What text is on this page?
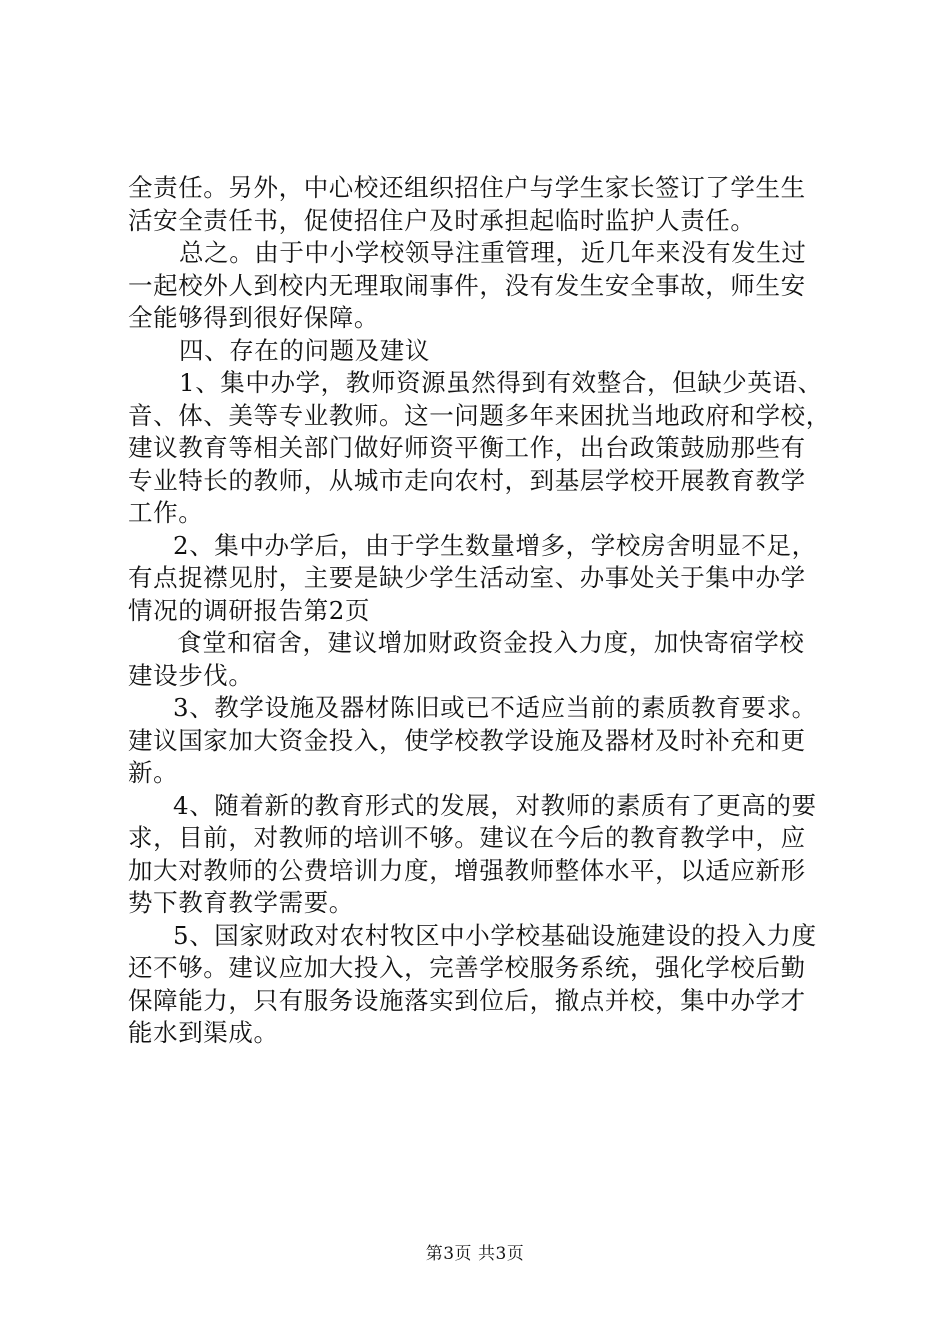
全责任。另外，中心校还组织招住户与学生家长签订了学生生
活安全责任书，促使招住户及时承担起临时监护人责任。
总之。由于中小学校领导注重管理，近几年来没有发生过
一起校外人到校内无理取闹事件，没有发生安全事故，师生安
全能够得到很好保障。
四、存在的问题及建议
1、集中办学，教师资源虽然得到有效整合，但缺少英语、
音、体、美等专业教师。这一问题多年来困扰当地政府和学校，
建议教育等相关部门做好师资平衡工作，出台政策鼓励那些有
专业特长的教师，从城市走向农村，到基层学校开展教育教学
工作。
2、集中办学后，由于学生数量增多，学校房舍明显不足，
有点捉襟见肘，主要是缺少学生活动室、办事处关于集中办学
情况的调研报告第2页
食堂和宿舍，建议增加财政资金投入力度，加快寄宿学校
建设步伐。
3、教学设施及器材陈旧或已不适应当前的素质教育要求。
建议国家加大资金投入，使学校教学设施及器材及时补充和更
新。
4、随着新的教育形式的发展，对教师的素质有了更高的要
求，目前，对教师的培训不够。建议在今后的教育教学中，应
加大对教师的公费培训力度，增强教师整体水平，以适应新形
势下教育教学需要。
5、国家财政对农村牧区中小学校基础设施建设的投入力度
还不够。建议应加大投入，完善学校服务系统，强化学校后勤
保障能力，只有服务设施落实到位后，撤点并校，集中办学才
能水到渠成。
第3页 共3页
